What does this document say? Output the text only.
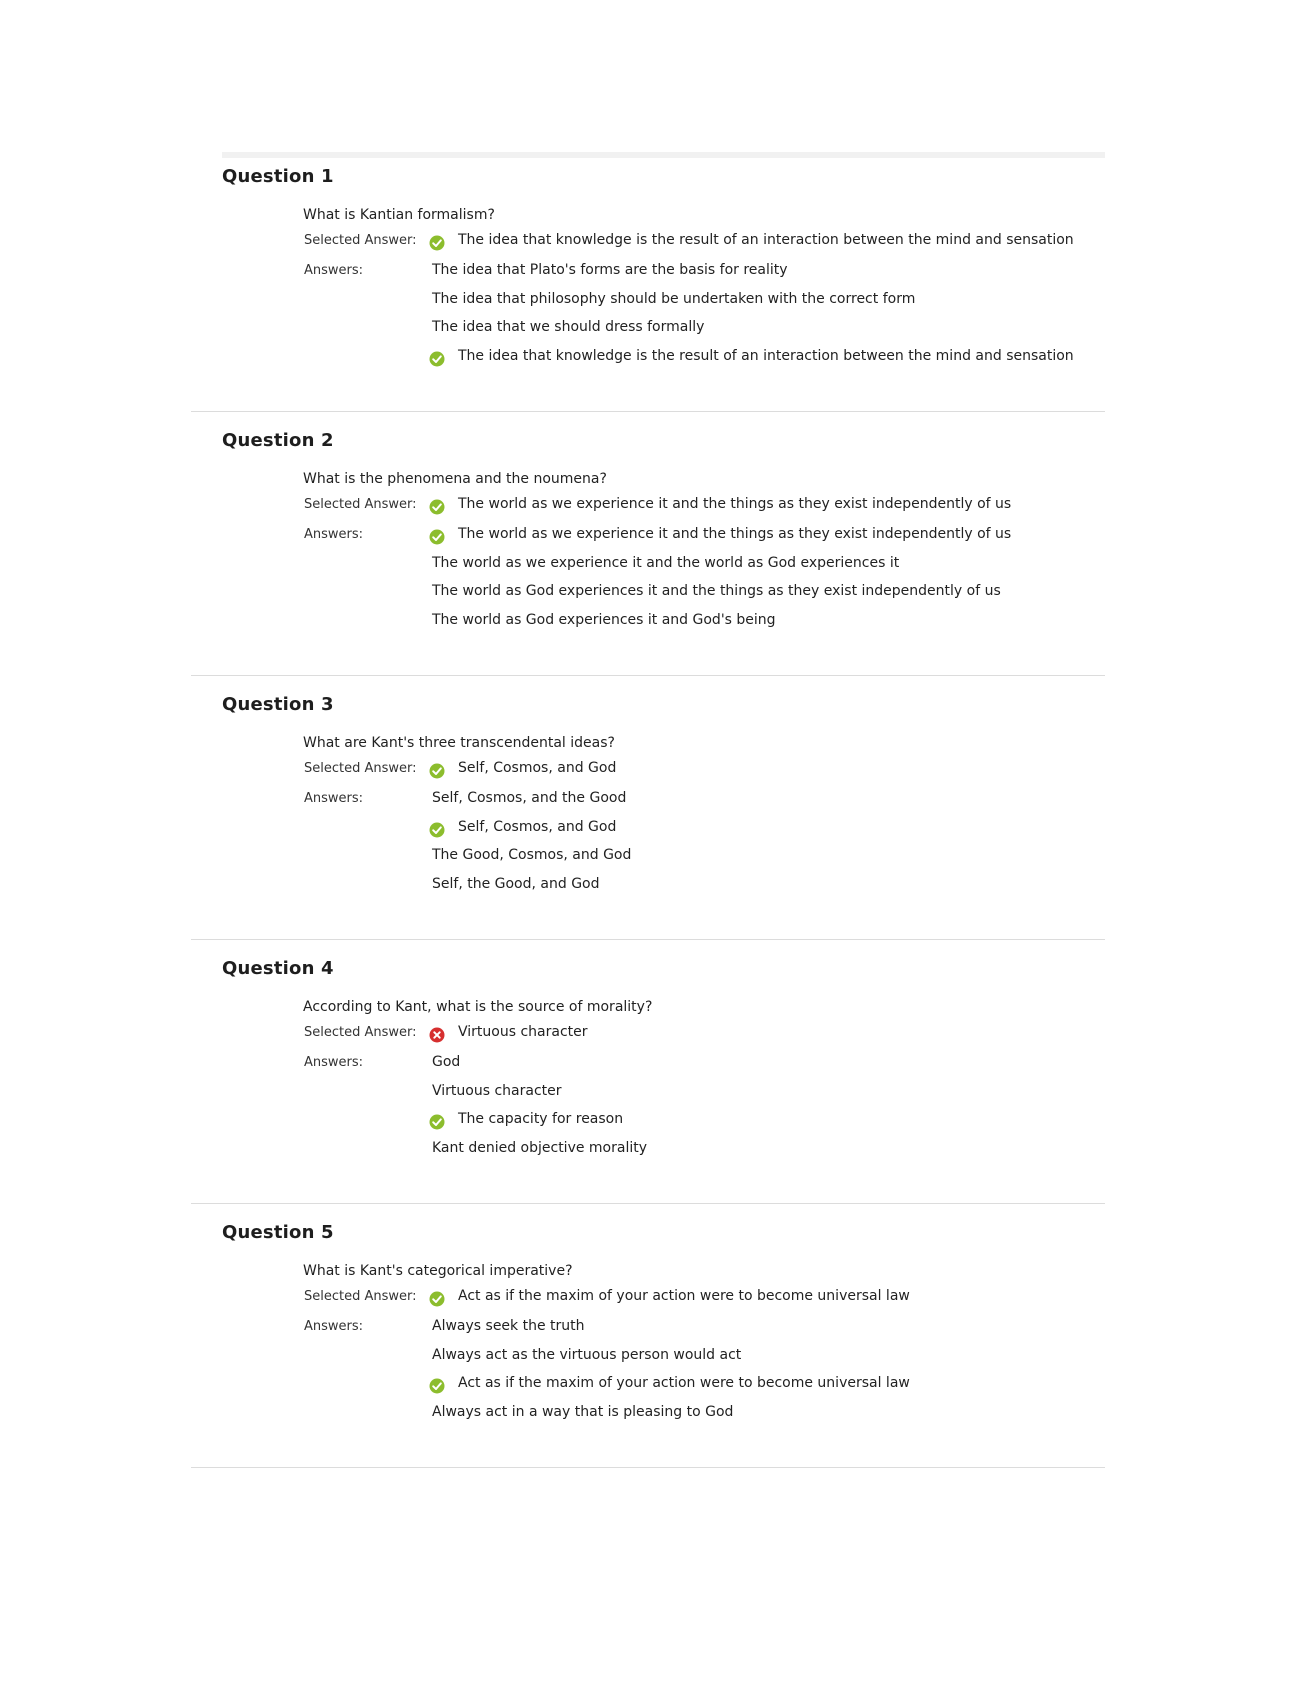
Question 1
What is Kantian formalism?
Selected Answer:	The idea that knowledge is the result of an interaction between the mind and sensation
Answers:	The idea that Plato's forms are the basis for reality
The idea that philosophy should be undertaken with the correct form
The idea that we should dress formally
The idea that knowledge is the result of an interaction between the mind and sensation
Question 2
What is the phenomena and the noumena?
Selected Answer:	The world as we experience it and the things as they exist independently of us
Answers:	The world as we experience it and the things as they exist independently of us
The world as we experience it and the world as God experiences it
The world as God experiences it and the things as they exist independently of us
The world as God experiences it and God's being
Question 3
What are Kant's three transcendental ideas?
Selected Answer:	Self, Cosmos, and God
Answers:	Self, Cosmos, and the Good
Self, Cosmos, and God
The Good, Cosmos, and God
Self, the Good, and God
Question 4
According to Kant, what is the source of morality?
Selected Answer:	Virtuous character
Answers:	God
Virtuous character
The capacity for reason
Kant denied objective morality
Question 5
What is Kant's categorical imperative?
Selected Answer:	Act as if the maxim of your action were to become universal law
Answers:	Always seek the truth
Always act as the virtuous person would act
Act as if the maxim of your action were to become universal law
Always act in a way that is pleasing to God
